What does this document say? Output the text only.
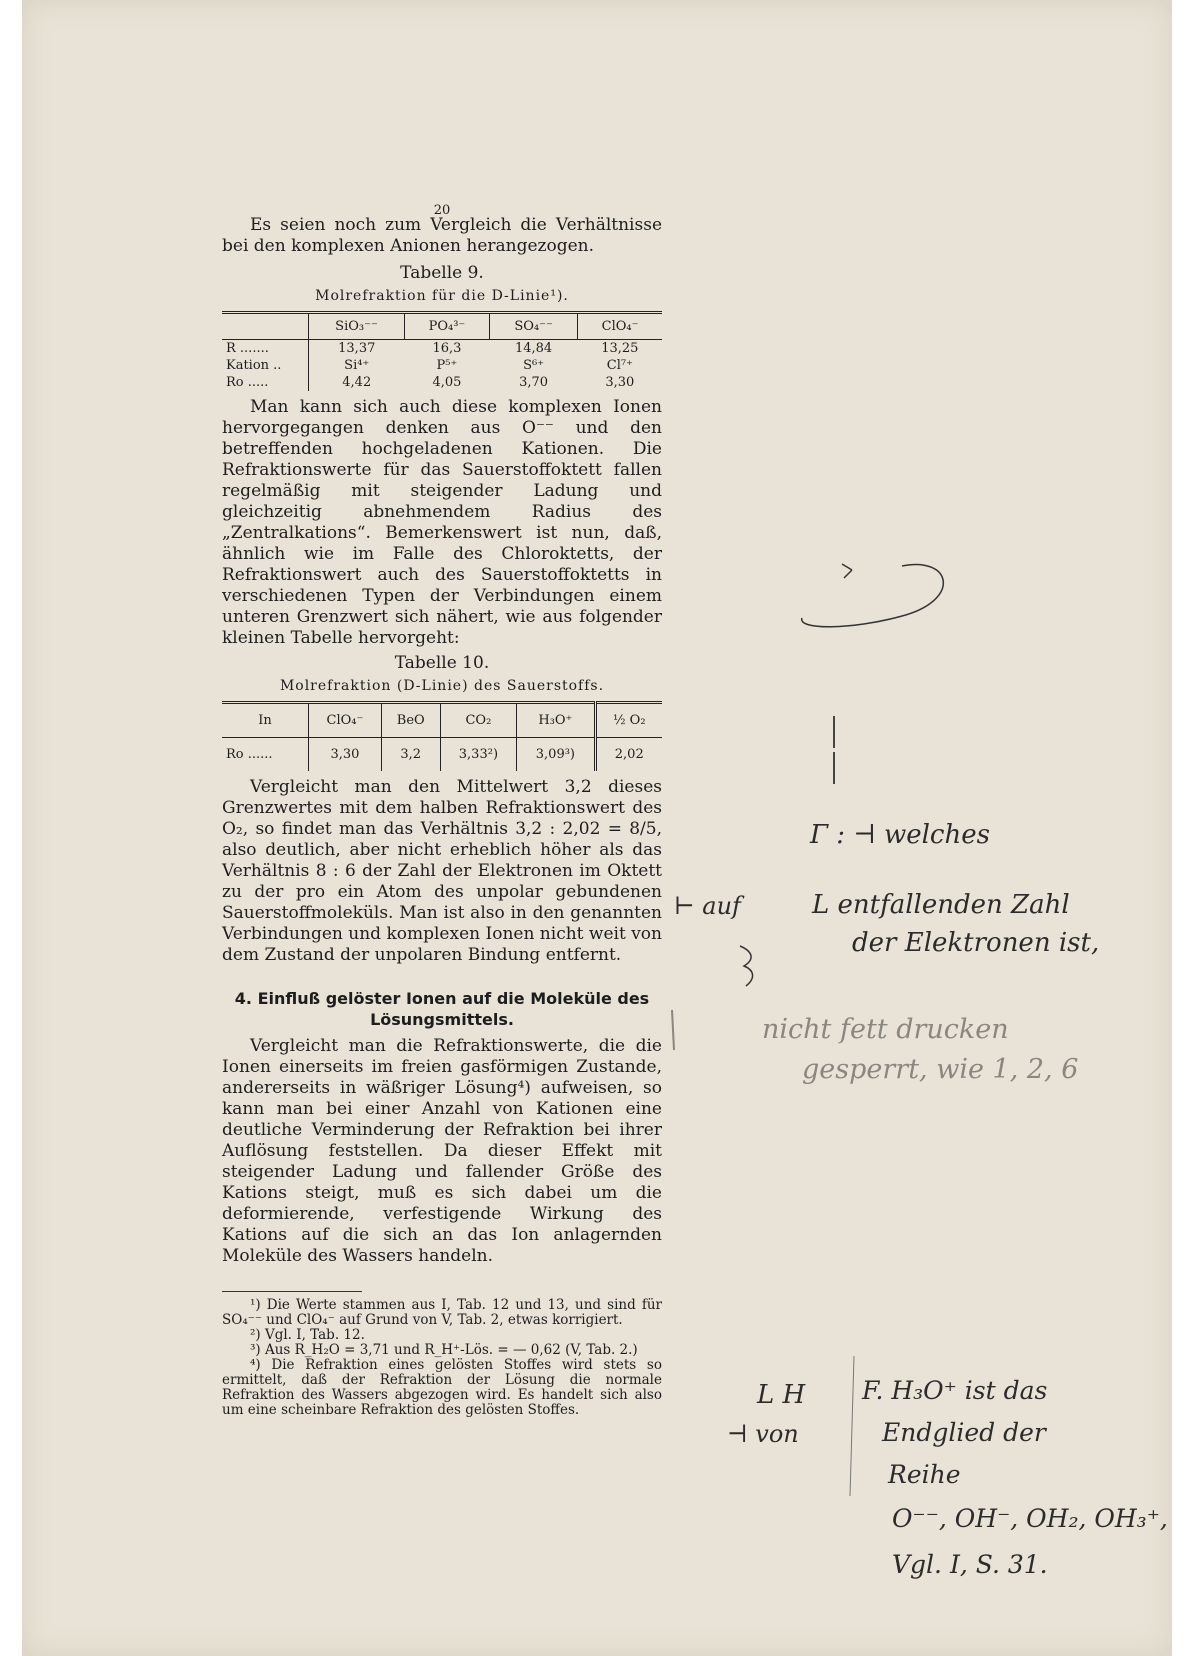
20

Es seien noch zum Vergleich die Verhältnisse bei den komplexen Anionen herangezogen.

Tabelle 9.

Molrefraktion für die D-Linie¹).

	SiO₃⁻⁻	PO₄³⁻	SO₄⁻⁻	ClO₄⁻
R .......	13,37	16,3	14,84	13,25
Kation ..	Si⁴⁺	P⁵⁺	S⁶⁺	Cl⁷⁺
Ro .....	4,42	4,05	3,70	3,30

Man kann sich auch diese komplexen Ionen hervorgegangen denken aus O⁻⁻ und den betreffenden hochgeladenen Kationen. Die Refraktionswerte für das Sauerstoffoktett fallen regelmäßig mit steigender Ladung und gleichzeitig abnehmendem Radius des „Zentralkations“. Bemerkenswert ist nun, daß, ähnlich wie im Falle des Chloroktetts, der Refraktionswert auch des Sauerstoffoktetts in verschiedenen Typen der Verbindungen einem unteren Grenzwert sich nähert, wie aus folgender kleinen Tabelle hervorgeht:

Tabelle 10.

Molrefraktion (D-Linie) des Sauerstoffs.

In	ClO₄⁻	BeO	CO₂	H₃O⁺	½ O₂
Ro ......	3,30	3,2	3,33²)	3,09³)	2,02

Vergleicht man den Mittelwert 3,2 dieses Grenzwertes mit dem halben Refraktionswert des O₂, so findet man das Verhältnis 3,2 : 2,02 = 8/5, also deutlich, aber nicht erheblich höher als das Verhältnis 8 : 6 der Zahl der Elektronen im Oktett zu der pro ein Atom des unpolar gebundenen Sauerstoffmoleküls. Man ist also in den genannten Verbindungen und komplexen Ionen nicht weit von dem Zustand der unpolaren Bindung entfernt.

4. Einfluß gelöster Ionen auf die Moleküle des Lösungsmittels.

Vergleicht man die Refraktionswerte, die die Ionen einerseits im freien gasförmigen Zustande, andererseits in wäßriger Lösung⁴) aufweisen, so kann man bei einer Anzahl von Kationen eine deutliche Verminderung der Refraktion bei ihrer Auflösung feststellen. Da dieser Effekt mit steigender Ladung und fallender Größe des Kations steigt, muß es sich dabei um die deformierende, verfestigende Wirkung des Kations auf die sich an das Ion anlagernden Moleküle des Wassers handeln.

¹) Die Werte stammen aus I, Tab. 12 und 13, und sind für SO₄⁻⁻ und ClO₄⁻ auf Grund von V, Tab. 2, etwas korrigiert.

²) Vgl. I, Tab. 12.

³) Aus R_H₂O = 3,71 und R_H⁺-Lös. = — 0,62 (V, Tab. 2.)

⁴) Die Refraktion eines gelösten Stoffes wird stets so ermittelt, daß der Refraktion der Lösung die normale Refraktion des Wassers abgezogen wird. Es handelt sich also um eine scheinbare Refraktion des gelösten Stoffes.

Γ : ⊣ welches
⊢ auf	L entfallenden Zahl
der Elektronen ist,
nicht fett drucken
gesperrt, wie 1, 2, 6
L H
⊣ von
F. H₃O⁺ ist das
Endglied der
Reihe
O⁻⁻, OH⁻, OH₂, OH₃⁺,
Vgl. I, S. 31.
